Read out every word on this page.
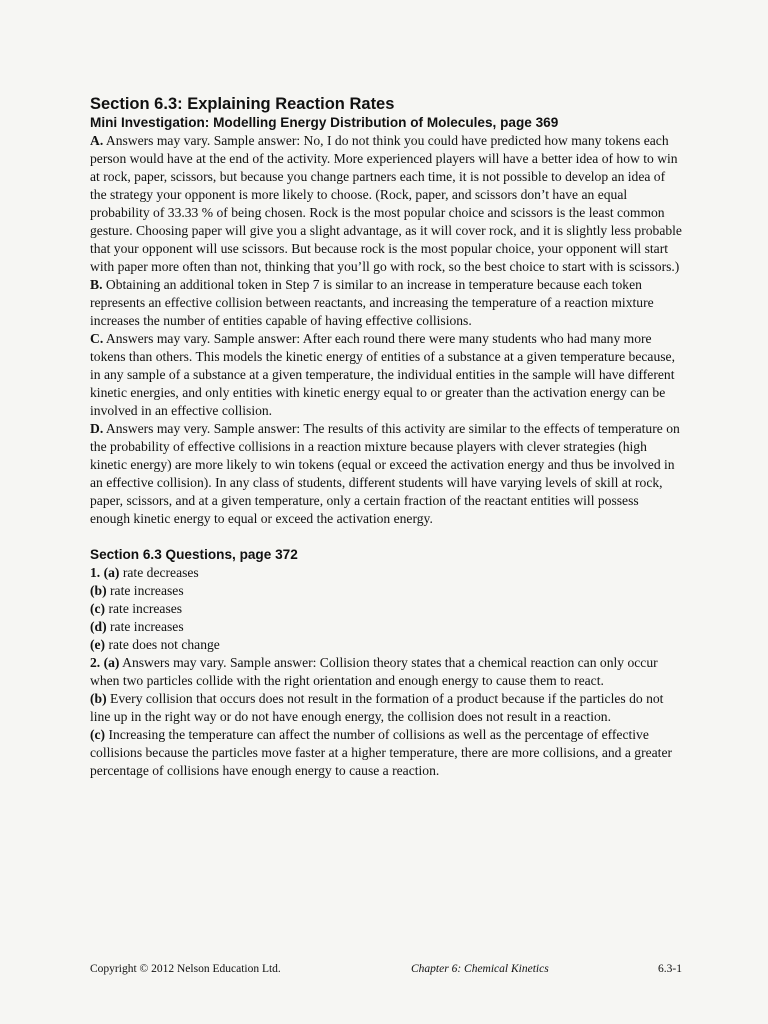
Section 6.3: Explaining Reaction Rates
Mini Investigation: Modelling Energy Distribution of Molecules, page 369

A. Answers may vary. Sample answer: No, I do not think you could have predicted how many tokens each person would have at the end of the activity. More experienced players will have a better idea of how to win at rock, paper, scissors, but because you change partners each time, it is not possible to develop an idea of the strategy your opponent is more likely to choose. (Rock, paper, and scissors don’t have an equal probability of 33.33 % of being chosen. Rock is the most popular choice and scissors is the least common gesture. Choosing paper will give you a slight advantage, as it will cover rock, and it is slightly less probable that your opponent will use scissors. But because rock is the most popular choice, your opponent will start with paper more often than not, thinking that you’ll go with rock, so the best choice to start with is scissors.)

B. Obtaining an additional token in Step 7 is similar to an increase in temperature because each token represents an effective collision between reactants, and increasing the temperature of a reaction mixture increases the number of entities capable of having effective collisions.

C. Answers may vary. Sample answer: After each round there were many students who had many more tokens than others. This models the kinetic energy of entities of a substance at a given temperature because, in any sample of a substance at a given temperature, the individual entities in the sample will have different kinetic energies, and only entities with kinetic energy equal to or greater than the activation energy can be involved in an effective collision.

D. Answers may very. Sample answer: The results of this activity are similar to the effects of temperature on the probability of effective collisions in a reaction mixture because players with clever strategies (high kinetic energy) are more likely to win tokens (equal or exceed the activation energy and thus be involved in an effective collision). In any class of students, different students will have varying levels of skill at rock, paper, scissors, and at a given temperature, only a certain fraction of the reactant entities will possess enough kinetic energy to equal or exceed the activation energy.

Section 6.3 Questions, page 372

1. (a) rate decreases

(b) rate increases

(c) rate increases

(d) rate increases

(e) rate does not change

2. (a) Answers may vary. Sample answer: Collision theory states that a chemical reaction can only occur when two particles collide with the right orientation and enough energy to cause them to react.

(b) Every collision that occurs does not result in the formation of a product because if the particles do not line up in the right way or do not have enough energy, the collision does not result in a reaction.

(c) Increasing the temperature can affect the number of collisions as well as the percentage of effective collisions because the particles move faster at a higher temperature, there are more collisions, and a greater percentage of collisions have enough energy to cause a reaction.

Copyright © 2012 Nelson Education Ltd.	Chapter 6: Chemical Kinetics	6.3-1
